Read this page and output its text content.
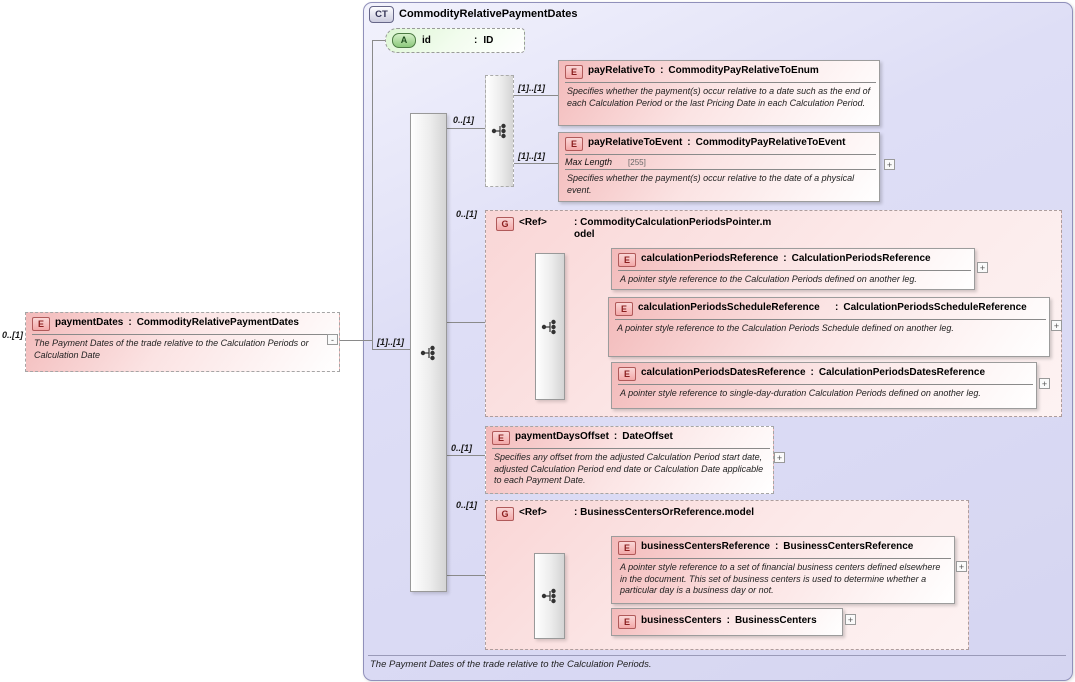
CT	CommodityRelativePaymentDates
The Payment Dates of the trade relative to the Calculation Periods.
0..[1]
[1]..[1]
0..[1]
[1]..[1]
[1]..[1]
0..[1]
0..[1]
0..[1]
A	id	: ID
G	<Ref>	: CommodityCalculationPeriodsPointer.model
G	<Ref>	: BusinessCentersOrReference.model
E	paymentDates : CommodityRelativePaymentDates
The Payment Dates of the trade relative to the Calculation Periods or Calculation Date
-
E	payRelativeTo : CommodityPayRelativeToEnum
Specifies whether the payment(s) occur relative to a date such as the end of each Calculation Period or the last Pricing Date in each Calculation Period.
E	payRelativeToEvent : CommodityPayRelativeToEvent
Max Length [255]
Specifies whether the payment(s) occur relative to the date of a physical event.
+
E	calculationPeriodsReference : CalculationPeriodsReference
A pointer style reference to the Calculation Periods defined on another leg.
+
E	calculationPeriodsScheduleReference	: CalculationPeriodsScheduleReference
A pointer style reference to the Calculation Periods Schedule defined on another leg.	+
E	calculationPeriodsDatesReference : CalculationPeriodsDatesReference
A pointer style reference to single-day-duration Calculation Periods defined on another leg.
+
E	paymentDaysOffset : DateOffset
Specifies any offset from the adjusted Calculation Period start date, adjusted Calculation Period end date or Calculation Date applicable to each Payment Date.
+
E	businessCentersReference : BusinessCentersReference
A pointer style reference to a set of financial business centers defined elsewhere in the document. This set of business centers is used to determine whether a particular day is a business day or not.
+
E	businessCenters : BusinessCenters	+
